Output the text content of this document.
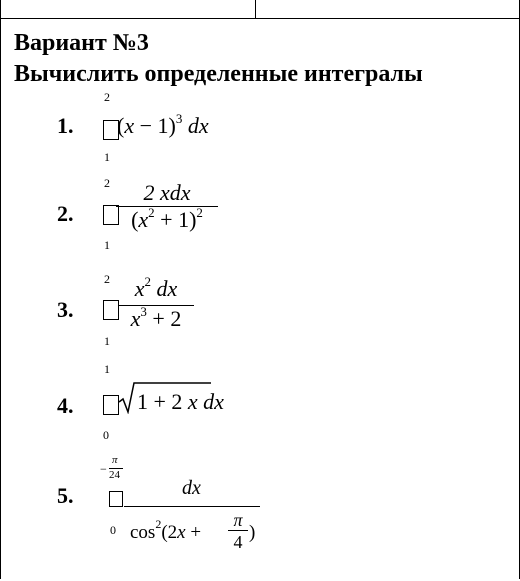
Вариант №3
Вычислить определенные интегралы
1.
2
1
$(x - 1)^3$ dx
2.
2
1
2 xdx
$(x^2 + 1)^2$
3.
2
1
$x^2$ dx
$x^3 + 2$
4.
1
0
1 + 2 x dx
5.
−
π
24
0
dx
$\cos^2(2x$ +
π
4 )
